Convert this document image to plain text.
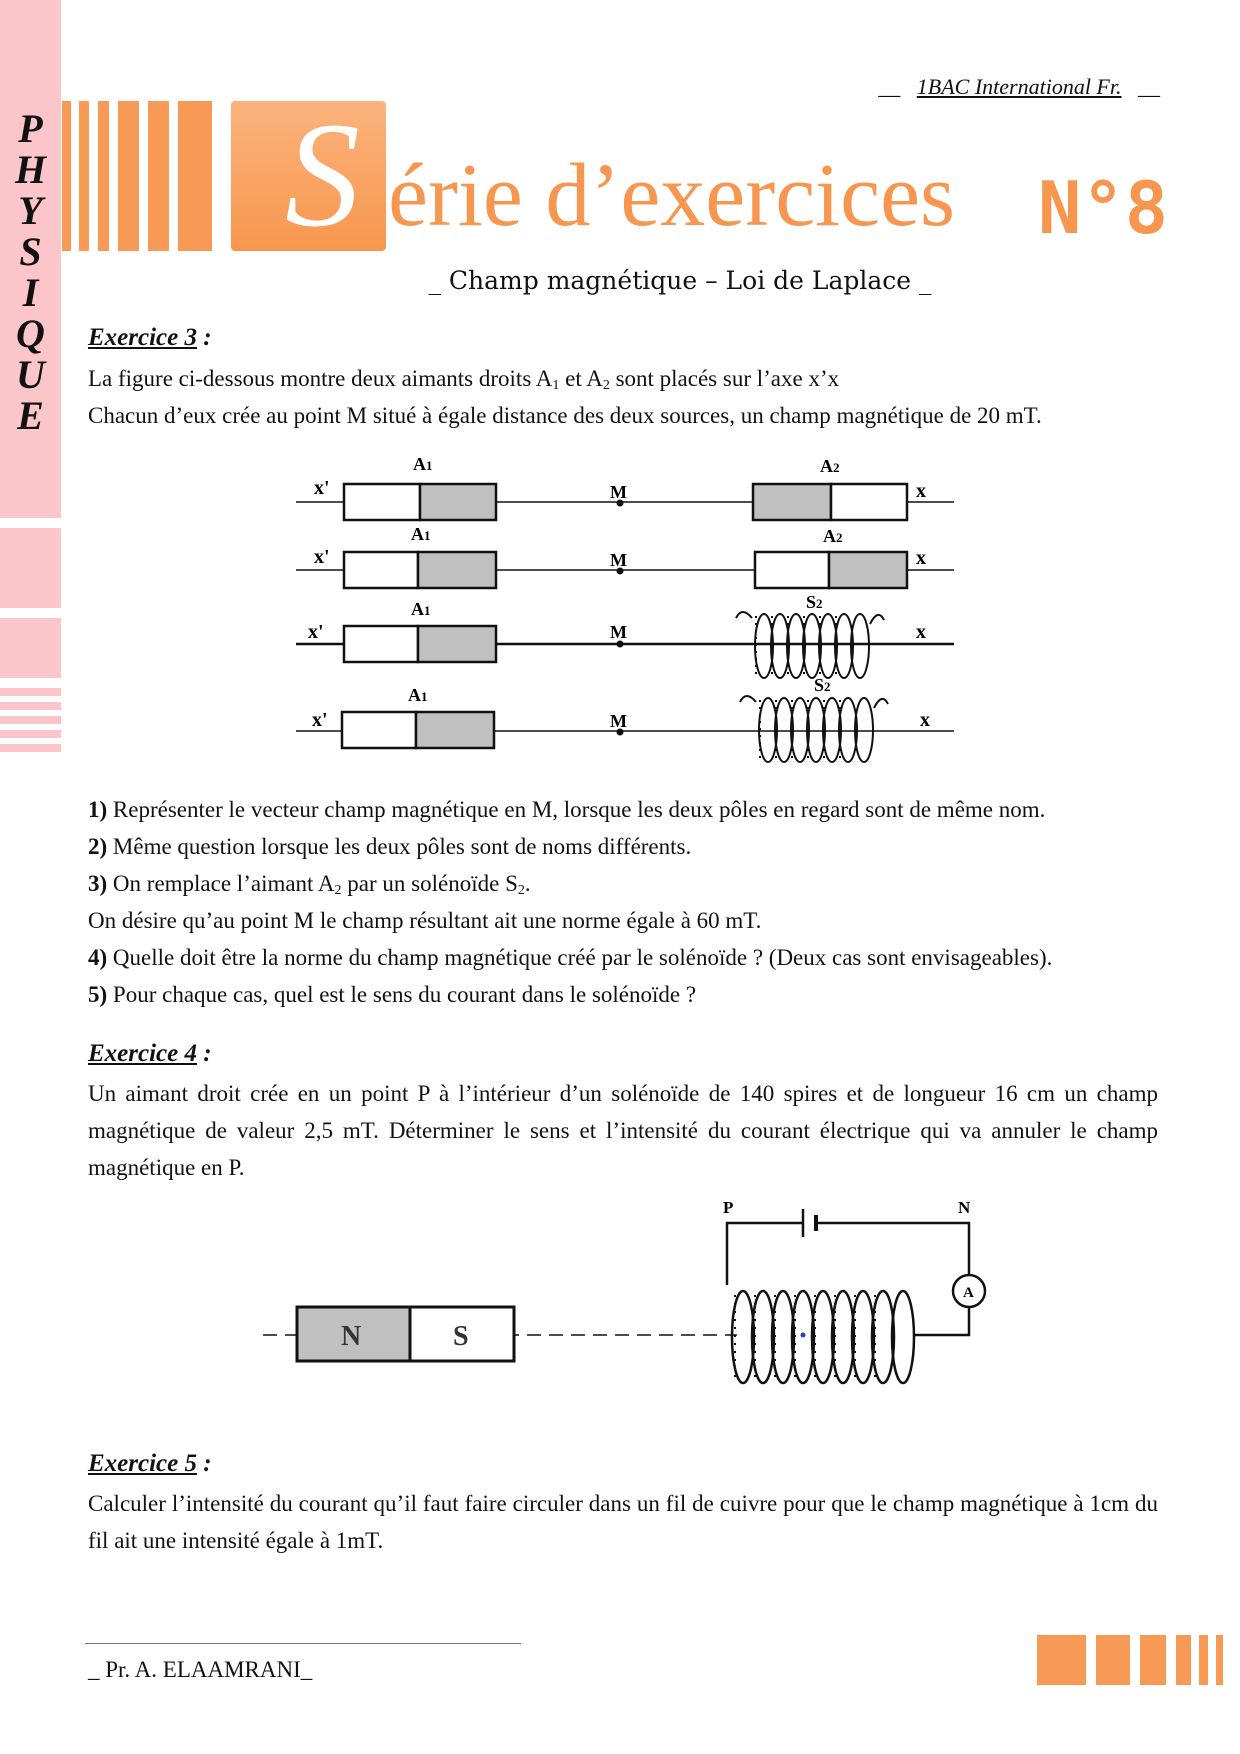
P
H
Y
S
I
Q
U
E
__ 1BAC International Fr. __
S érie d’exercices N°8
_ Champ magnétique – Loi de Laplace _
Exercice 3 :
La figure ci-dessous montre deux aimants droits $A_1$ et $A_2$ sont placés sur l’axe x’x
Chacun d’eux crée au point M situé à égale distance des deux sources, un champ magnétique de 20 mT.
x'	x
M
A1	A2
x'	x
M
A1	A2
x'	x
M
A1	S2
x'	x
M
A1
S2
1) Représenter le vecteur champ magnétique en M, lorsque les deux pôles en regard sont de même nom.
2) Même question lorsque les deux pôles sont de noms différents.
3) On remplace l’aimant $A_2$ par un solénoïde $S_2$.
On désire qu’au point M le champ résultant ait une norme égale à 60 mT.
4) Quelle doit être la norme du champ magnétique créé par le solénoïde ? (Deux cas sont envisageables).
5) Pour chaque cas, quel est le sens du courant dans le solénoïde ?
Exercice 4 :
Un aimant droit crée en un point P à l’intérieur d’un solénoïde de 140 spires et de longueur 16 cm un champ magnétique de valeur 2,5 mT. Déterminer le sens et l’intensité du courant électrique qui va annuler le champ magnétique en P.
N	S
A
P	N
Exercice 5 :
Calculer l’intensité du courant qu’il faut faire circuler dans un fil de cuivre pour que le champ magnétique à 1cm du fil ait une intensité égale à 1mT.
_ Pr. A. ELAAMRANI_
